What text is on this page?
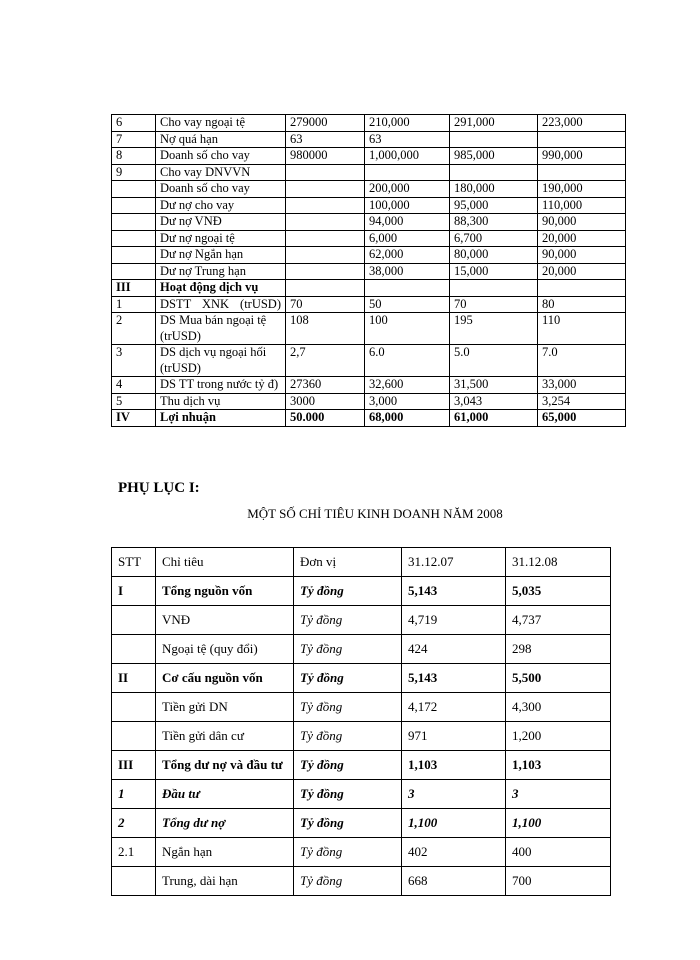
6	Cho vay ngoại tệ	279000	210,000	291,000	223,000
7	Nợ quá hạn	63	63		
8	Doanh số cho vay	980000	1,000,000	985,000	990,000
9	Cho vay DNVVN				
	Doanh số cho vay		200,000	180,000	190,000
	Dư nợ cho vay		100,000	95,000	110,000
	Dư nợ VNĐ		94,000	88,300	90,000
	Dư nợ ngoại tệ		6,000	6,700	20,000
	Dư nợ Ngắn hạn		62,000	80,000	90,000
	Dư nợ Trung hạn		38,000	15,000	20,000
III	Hoạt động dịch vụ				
1	DSTT XNK (trUSD)	70	50	70	80
2	DS Mua bán ngoại tệ (trUSD)	108	100	195	110
3	DS dịch vụ ngoại hối (trUSD)	2,7	6.0	5.0	7.0
4	DS TT trong nước tỷ đ)	27360	32,600	31,500	33,000
5	Thu dịch vụ	3000	3,000	3,043	3,254
IV	Lợi nhuận	50.000	68,000	61,000	65,000

PHỤ LỤC I:

MỘT SỐ CHỈ TIÊU KINH DOANH NĂM 2008

STT	Chỉ tiêu	Đơn vị	31.12.07	31.12.08
I	Tổng nguồn vốn	Tỷ đồng	5,143	5,035
	VNĐ	Tỷ đồng	4,719	4,737
	Ngoại tệ (quy đổi)	Tỷ đồng	424	298
II	Cơ cấu nguồn vốn	Tỷ đồng	5,143	5,500
	Tiền gửi DN	Tỷ đồng	4,172	4,300
	Tiền gửi dân cư	Tỷ đồng	971	1,200
III	Tổng dư nợ và đầu tư	Tỷ đồng	1,103	1,103
1	Đầu tư	Tỷ đồng	3	3
2	Tổng dư nợ	Tỷ đồng	1,100	1,100
2.1	Ngắn hạn	Tỷ đồng	402	400
	Trung, dài hạn	Tỷ đồng	668	700
